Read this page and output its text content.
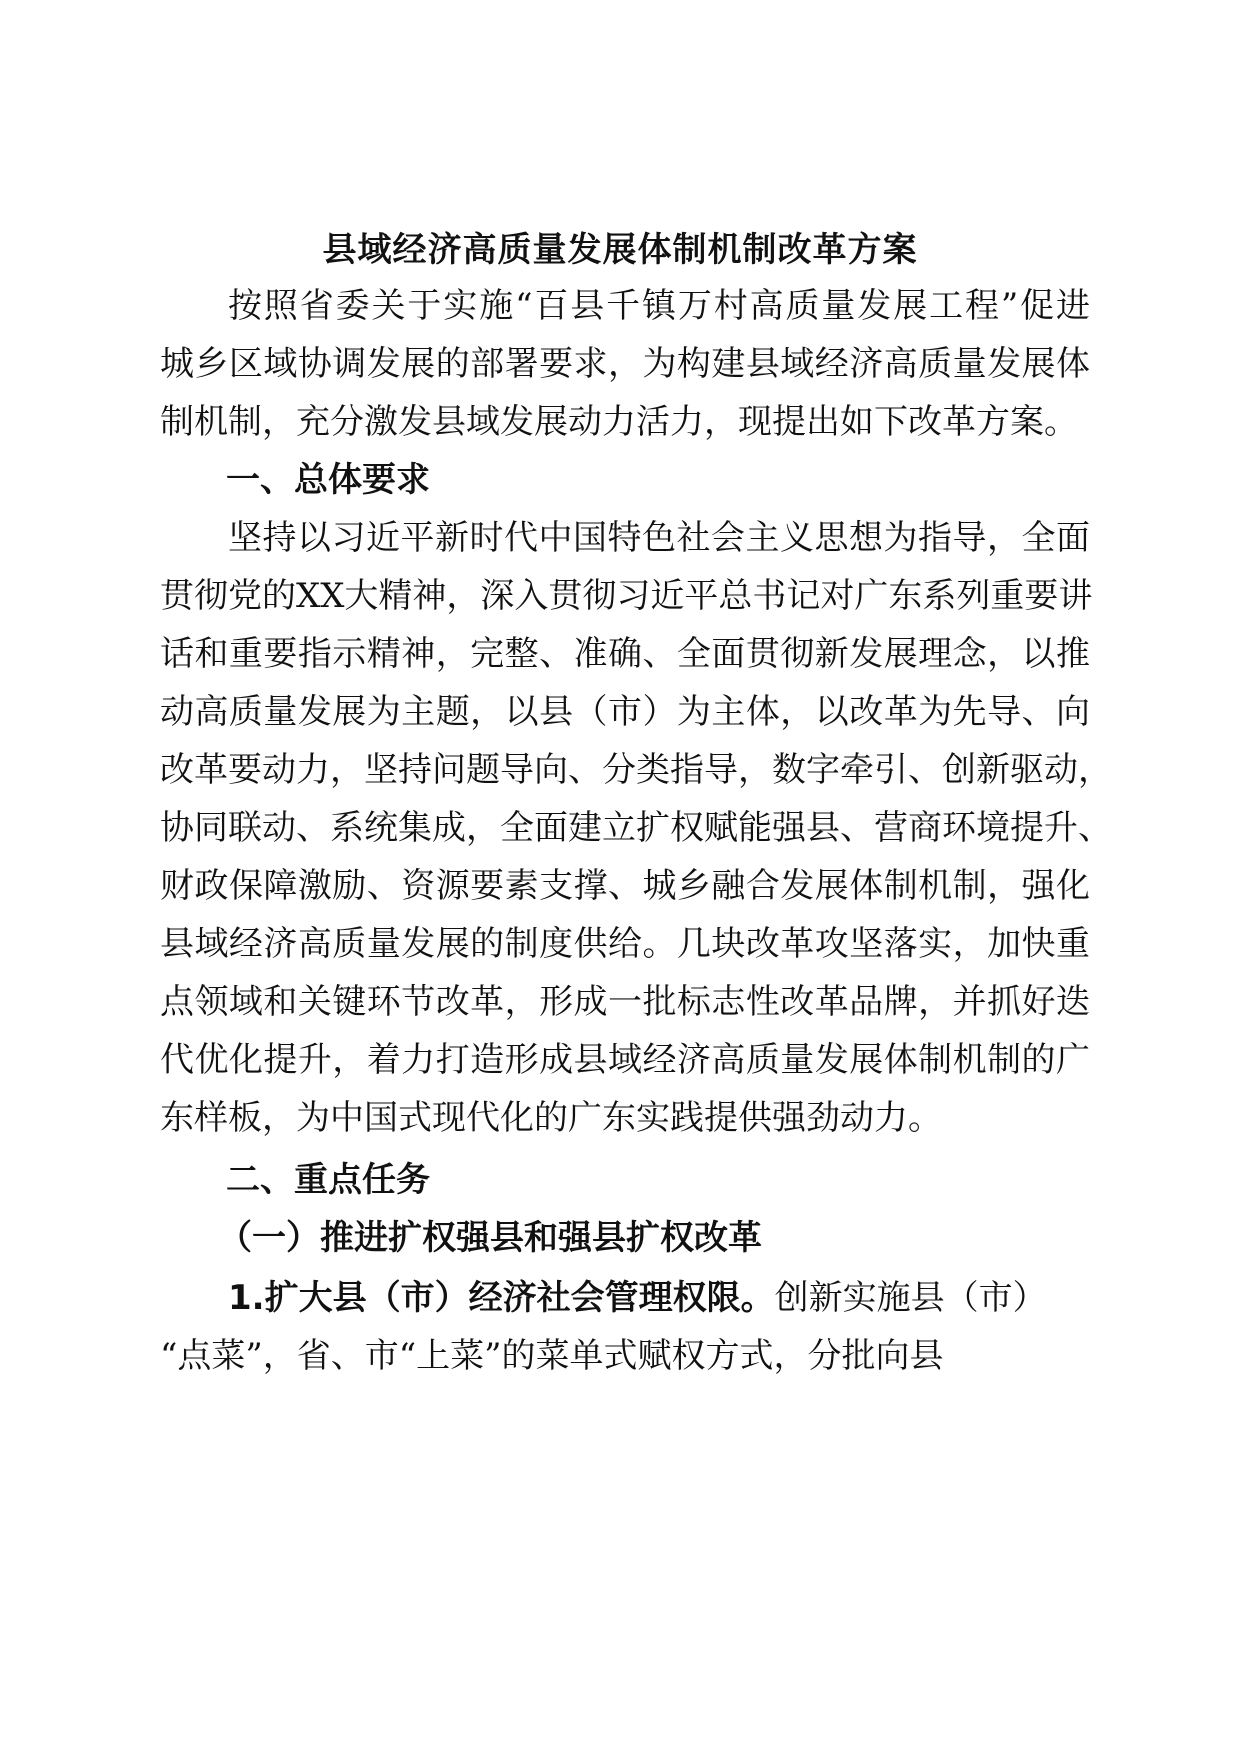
县域经济高质量发展体制机制改革方案
按照省委关于实施“百县千镇万村高质量发展工程”促进
城乡区域协调发展的部署要求，为构建县域经济高质量发展体
制机制，充分激发县域发展动力活力，现提出如下改革方案。
一、总体要求
坚持以习近平新时代中国特色社会主义思想为指导，全面
贯彻党的XX大精神，深入贯彻习近平总书记对广东系列重要讲
话和重要指示精神，完整、准确、全面贯彻新发展理念，以推
动高质量发展为主题，以县（市）为主体，以改革为先导、向
改革要动力，坚持问题导向、分类指导，数字牵引、创新驱动，
协同联动、系统集成，全面建立扩权赋能强县、营商环境提升、
财政保障激励、资源要素支撑、城乡融合发展体制机制，强化
县域经济高质量发展的制度供给。几块改革攻坚落实，加快重
点领域和关键环节改革，形成一批标志性改革品牌，并抓好迭
代优化提升，着力打造形成县域经济高质量发展体制机制的广
东样板，为中国式现代化的广东实践提供强劲动力。
二、重点任务
（一）推进扩权强县和强县扩权改革
1.扩大县（市）经济社会管理权限。创新实施县（市）
“点菜”，省、市“上菜”的菜单式赋权方式，分批向县
